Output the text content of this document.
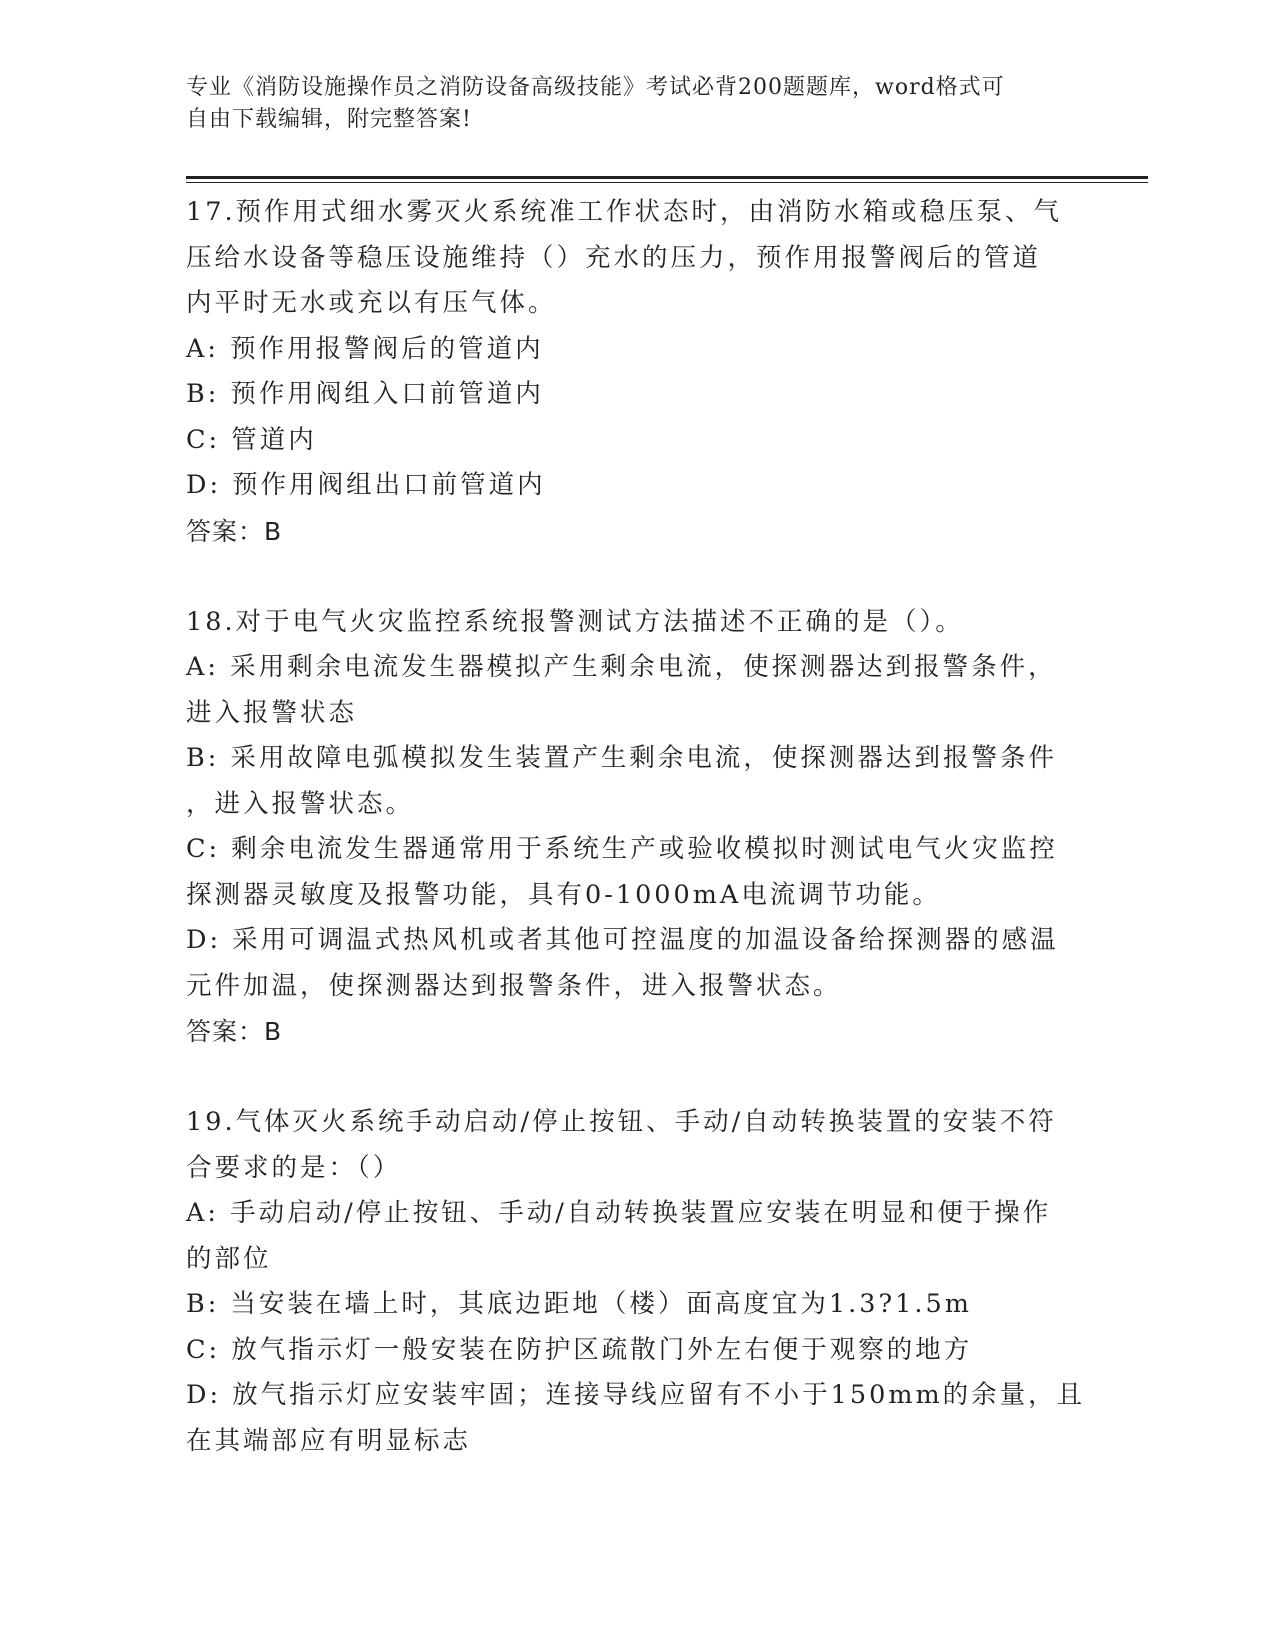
专业《消防设施操作员之消防设备高级技能》考试必背200题题库，word格式可
自由下载编辑，附完整答案!
17.预作用式细水雾灭火系统准工作状态时，由消防水箱或稳压泵、气
压给水设备等稳压设施维持（）充水的压力，预作用报警阀后的管道
内平时无水或充以有压气体。
A: 预作用报警阀后的管道内
B: 预作用阀组入口前管道内
C: 管道内
D: 预作用阀组出口前管道内
答案：B
18.对于电气火灾监控系统报警测试方法描述不正确的是（）。
A: 采用剩余电流发生器模拟产生剩余电流，使探测器达到报警条件，
进入报警状态
B: 采用故障电弧模拟发生装置产生剩余电流，使探测器达到报警条件
，进入报警状态。
C: 剩余电流发生器通常用于系统生产或验收模拟时测试电气火灾监控
探测器灵敏度及报警功能，具有0-1000mA电流调节功能。
D: 采用可调温式热风机或者其他可控温度的加温设备给探测器的感温
元件加温，使探测器达到报警条件，进入报警状态。
答案：B
19.气体灭火系统手动启动/停止按钮、手动/自动转换装置的安装不符
合要求的是：（）
A: 手动启动/停止按钮、手动/自动转换装置应安装在明显和便于操作
的部位
B: 当安装在墙上时，其底边距地（楼）面高度宜为1.3?1.5m
C: 放气指示灯一般安装在防护区疏散门外左右便于观察的地方
D: 放气指示灯应安装牢固；连接导线应留有不小于150mm的余量，且
在其端部应有明显标志
